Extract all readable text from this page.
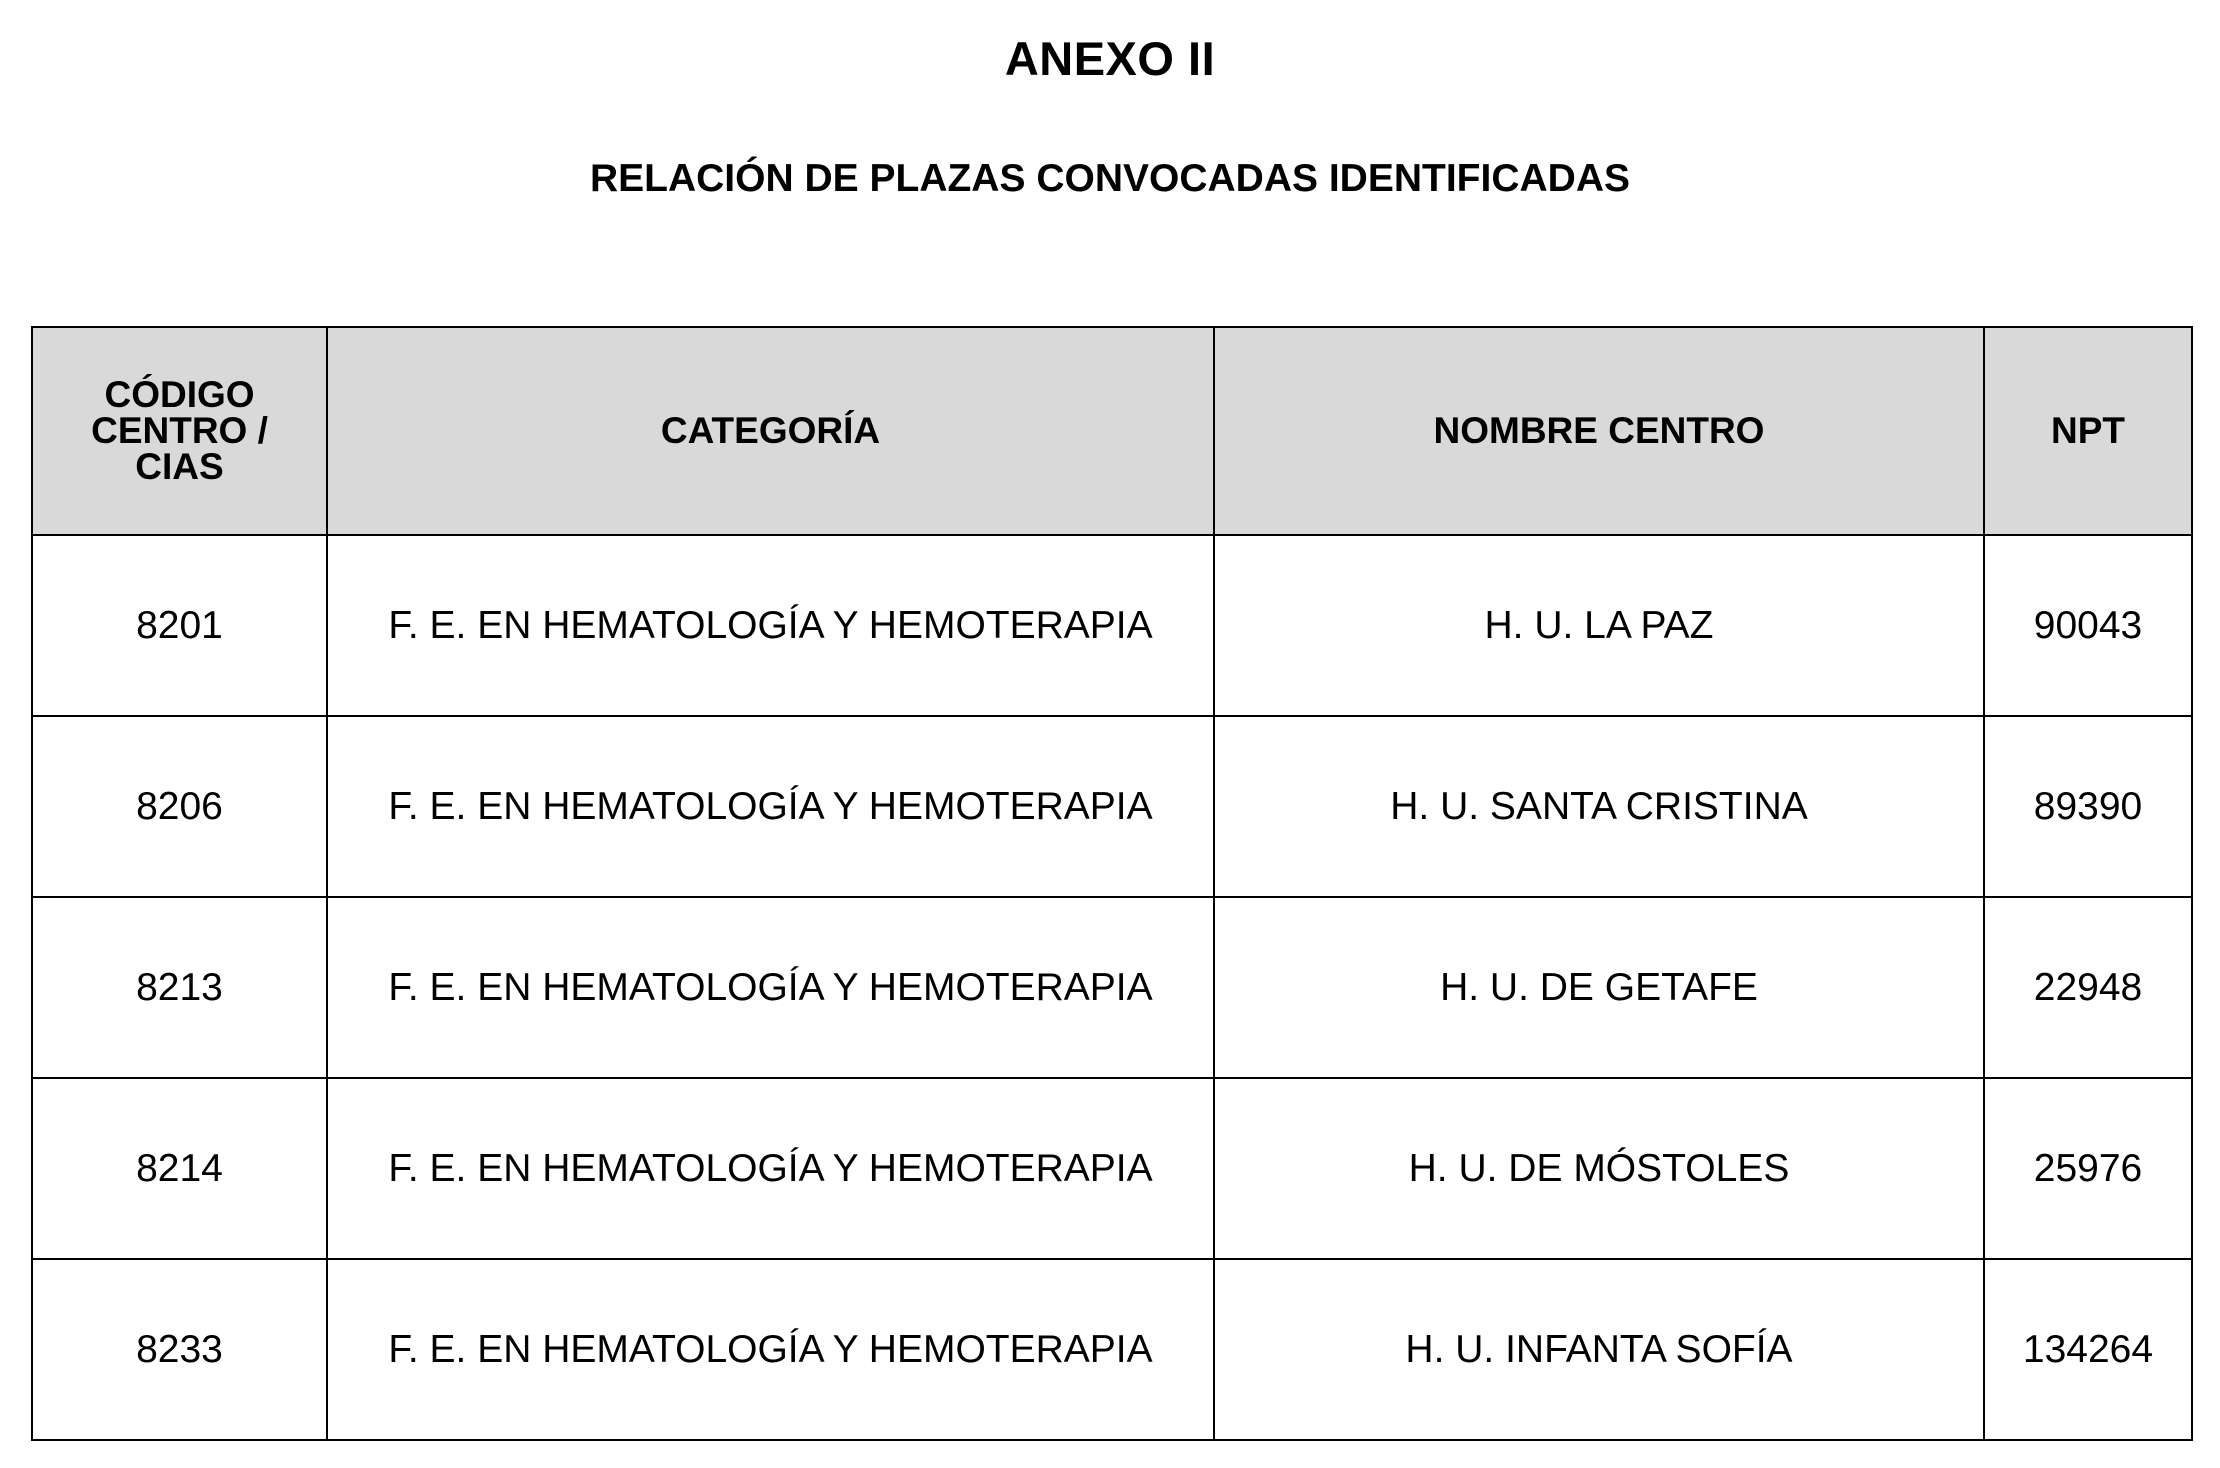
ANEXO II
RELACIÓN DE PLAZAS CONVOCADAS IDENTIFICADAS
CÓDIGO
CENTRO /
CIAS	CATEGORÍA	NOMBRE CENTRO	NPT
8201	F. E. EN HEMATOLOGÍA Y HEMOTERAPIA	H. U. LA PAZ	90043
8206	F. E. EN HEMATOLOGÍA Y HEMOTERAPIA	H. U. SANTA CRISTINA	89390
8213	F. E. EN HEMATOLOGÍA Y HEMOTERAPIA	H. U. DE GETAFE	22948
8214	F. E. EN HEMATOLOGÍA Y HEMOTERAPIA	H. U. DE MÓSTOLES	25976
8233	F. E. EN HEMATOLOGÍA Y HEMOTERAPIA	H. U. INFANTA SOFÍA	134264
